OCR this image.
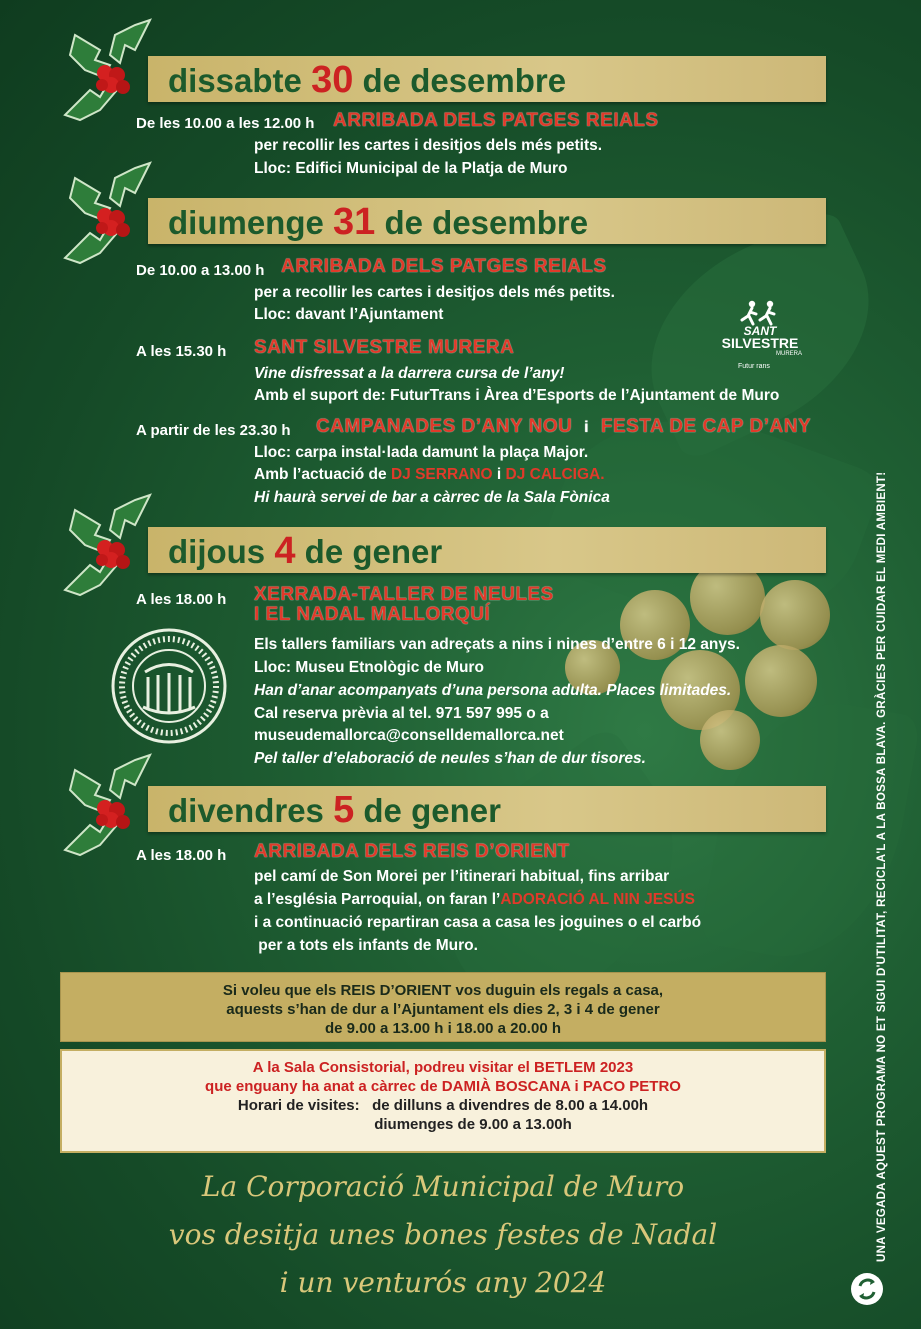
dissabte 30 de desembre
De les 10.00 a les 12.00 h ARRIBADA DELS PATGES REIALS
per recollir les cartes i desitjos dels més petits.
Lloc: Edifici Municipal de la Platja de Muro
diumenge 31 de desembre
De 10.00 a 13.00 h ARRIBADA DELS PATGES REIALS
per a recollir les cartes i desitjos dels més petits.
Lloc: davant l’Ajuntament
A les 15.30 h SANT SILVESTRE MURERA
Vine disfressat a la darrera cursa de l’any!
Amb el suport de: FuturTrans i Àrea d’Esports de l’Ajuntament de Muro
SANT
SILVESTRE
MURERA
Futur rans
A partir de les 23.30 h CAMPANADES D’ANY NOU i FESTA DE CAP D’ANY
Lloc: carpa instal·lada damunt la plaça Major.
Amb l’actuació de DJ SERRANO i DJ CALCIGA.
Hi haurà servei de bar a càrrec de la Sala Fònica
dijous 4 de gener
A les 18.00 h XERRADA-TALLER DE NEULES
I EL NADAL MALLORQUÍ
Els tallers familiars van adreçats a nins i nines d’entre 6 i 12 anys.
Lloc: Museu Etnològic de Muro
Han d’anar acompanyats d’una persona adulta. Places limitades.
Cal reserva prèvia al tel. 971 597 995 o a
museudemallorca@conselldemallorca.net
Pel taller d’elaboració de neules s’han de dur tisores.
divendres 5 de gener
A les 18.00 h ARRIBADA DELS REIS D’ORIENT
pel camí de Son Morei per l’itinerari habitual, fins arribar
a l’església Parroquial, on faran l’ADORACIÓ AL NIN JESÚS
i a continuació repartiran casa a casa les joguines o el carbó
per a tots els infants de Muro.
Si voleu que els REIS D’ORIENT vos duguin els regals a casa,
aquests s’han de dur a l’Ajuntament els dies 2, 3 i 4 de gener
de 9.00 a 13.00 h i 18.00 a 20.00 h
A la Sala Consistorial, podreu visitar el BETLEM 2023
que enguany ha anat a càrrec de DAMIÀ BOSCANA i PACO PETRO
Horari de visites:   de dilluns a divendres de 8.00 a 14.00h
diumenges de 9.00 a 13.00h
La Corporació Municipal de Muro
vos desitja unes bones festes de Nadal
i un venturós any 2024
UNA VEGADA AQUEST PROGRAMA NO ET SIGUI D'UTILITAT, RECICLA'L A LA BOSSA BLAVA. GRÀCIES PER CUIDAR EL MEDI AMBIENT!
